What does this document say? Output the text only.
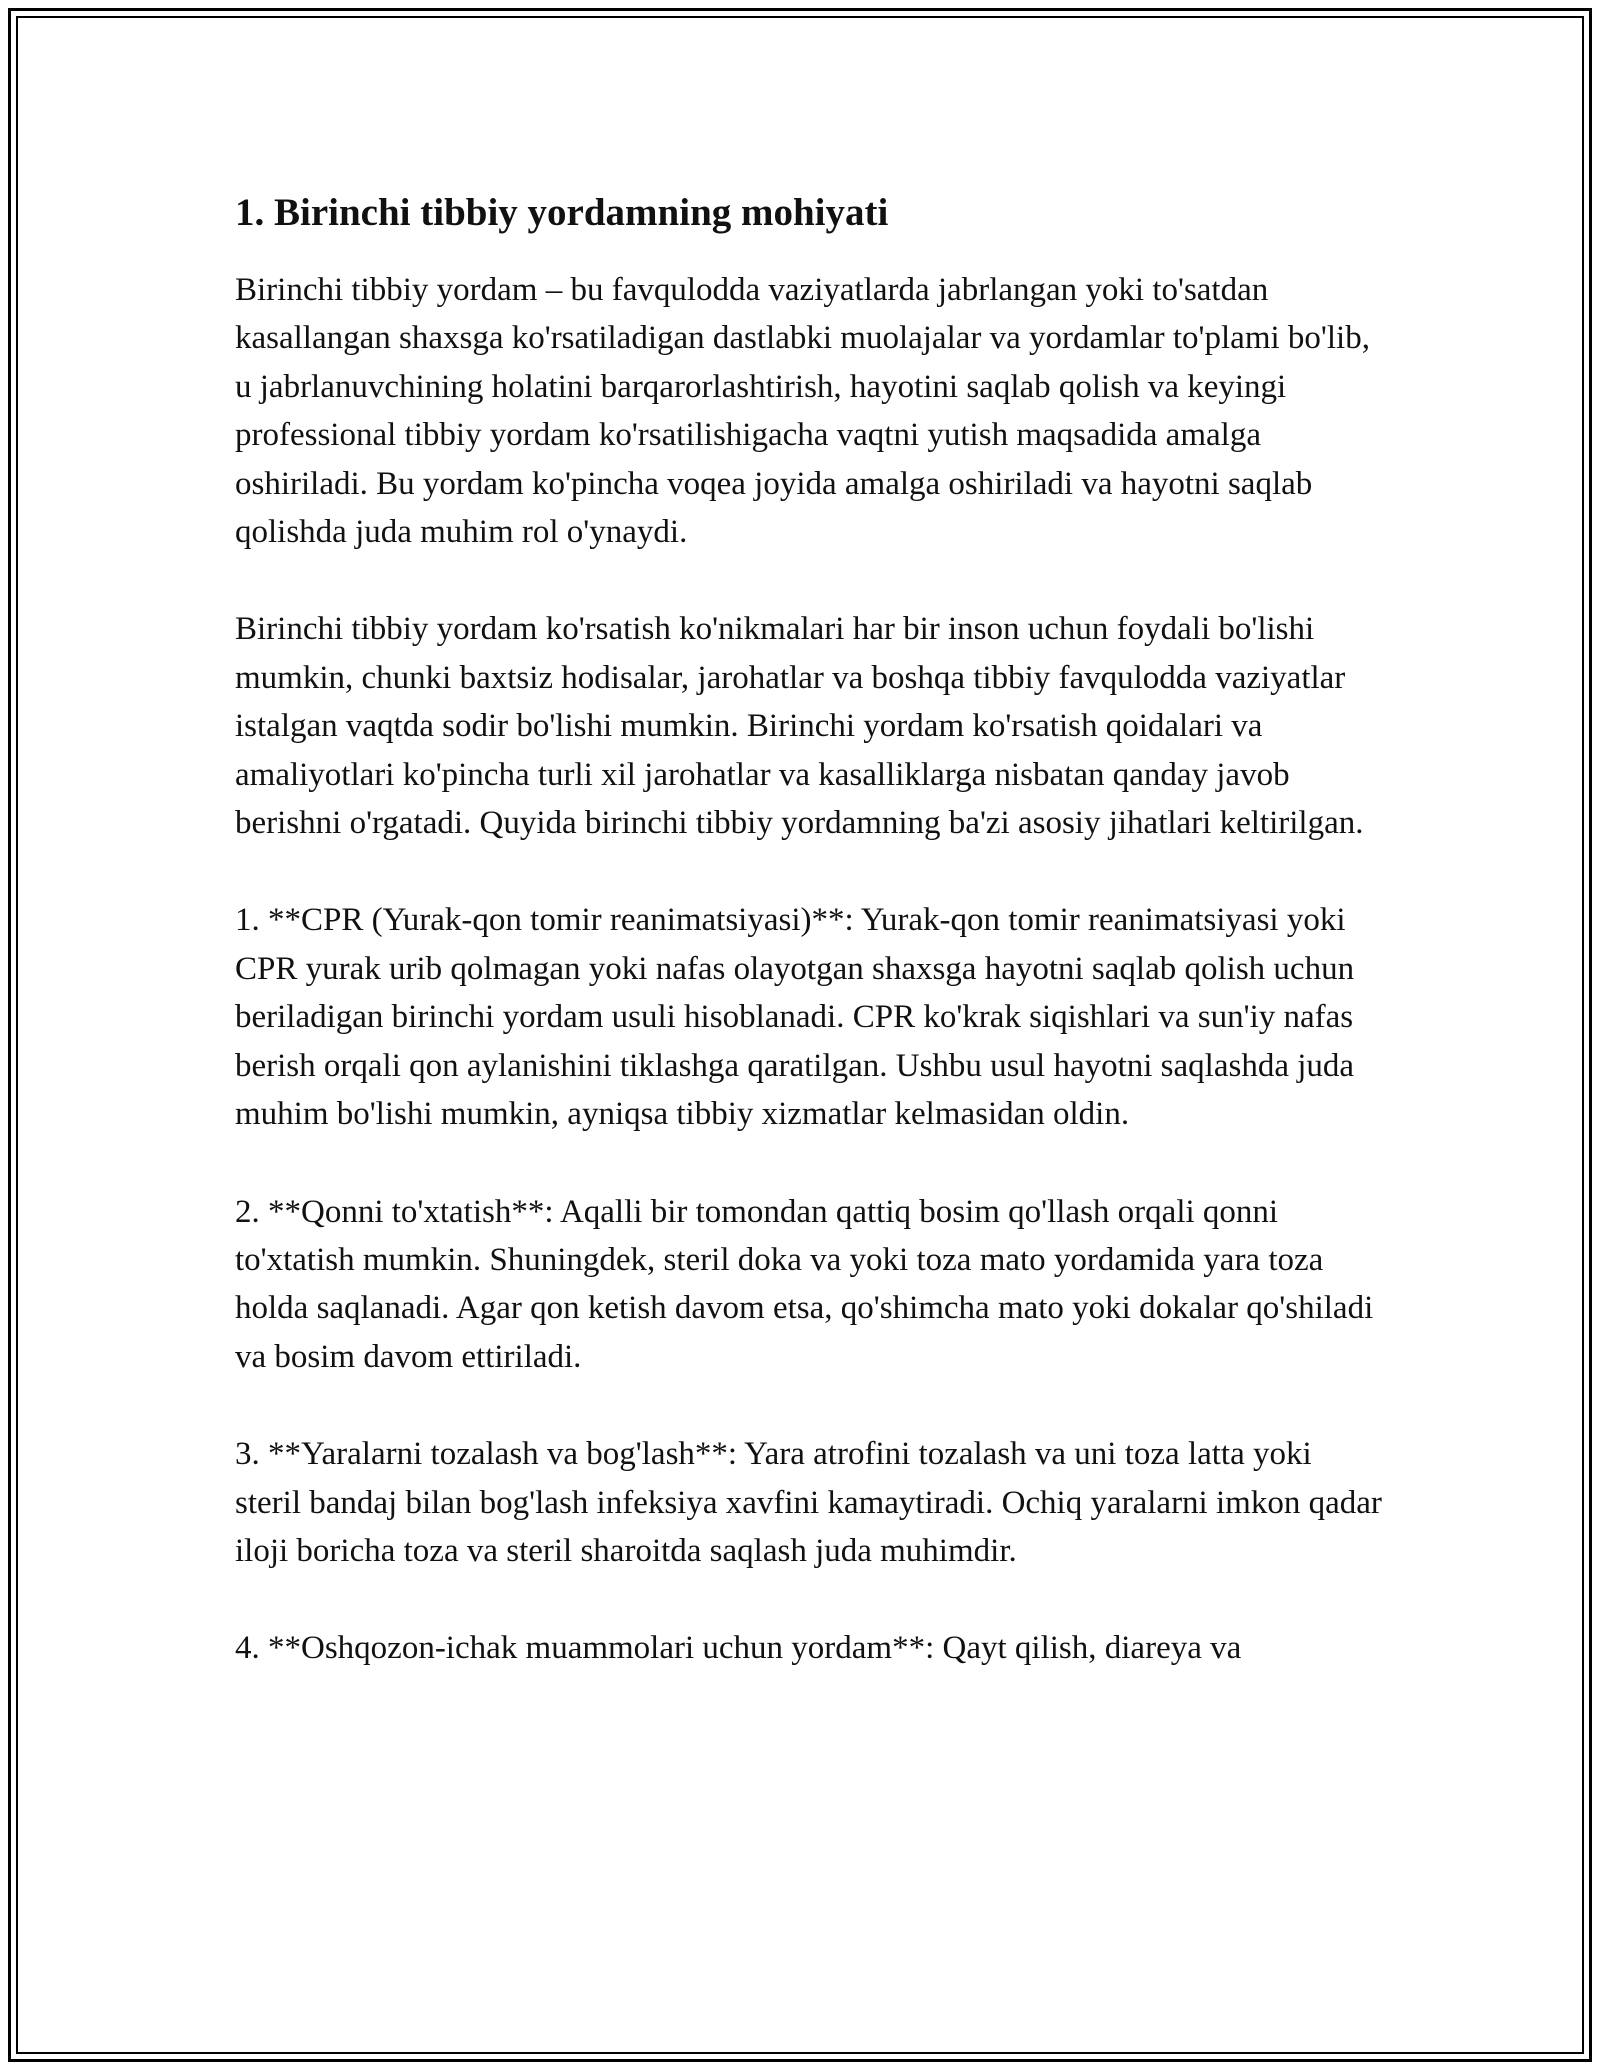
1. Birinchi tibbiy yordamning mohiyati

Birinchi tibbiy yordam – bu favqulodda vaziyatlarda jabrlangan yoki to'satdan kasallangan shaxsga ko'rsatiladigan dastlabki muolajalar va yordamlar to'plami bo'lib, u jabrlanuvchining holatini barqarorlashtirish, hayotini saqlab qolish va keyingi professional tibbiy yordam ko'rsatilishigacha vaqtni yutish maqsadida amalga oshiriladi. Bu yordam ko'pincha voqea joyida amalga oshiriladi va hayotni saqlab qolishda juda muhim rol o'ynaydi.

Birinchi tibbiy yordam ko'rsatish ko'nikmalari har bir inson uchun foydali bo'lishi mumkin, chunki baxtsiz hodisalar, jarohatlar va boshqa tibbiy favqulodda vaziyatlar istalgan vaqtda sodir bo'lishi mumkin. Birinchi yordam ko'rsatish qoidalari va amaliyotlari ko'pincha turli xil jarohatlar va kasalliklarga nisbatan qanday javob berishni o'rgatadi. Quyida birinchi tibbiy yordamning ba'zi asosiy jihatlari keltirilgan.

1. **CPR (Yurak-qon tomir reanimatsiyasi)**: Yurak-qon tomir reanimatsiyasi yoki CPR yurak urib qolmagan yoki nafas olayotgan shaxsga hayotni saqlab qolish uchun beriladigan birinchi yordam usuli hisoblanadi. CPR ko'krak siqishlari va sun'iy nafas berish orqali qon aylanishini tiklashga qaratilgan. Ushbu usul hayotni saqlashda juda muhim bo'lishi mumkin, ayniqsa tibbiy xizmatlar kelmasidan oldin.

2. **Qonni to'xtatish**: Aqalli bir tomondan qattiq bosim qo'llash orqali qonni to'xtatish mumkin. Shuningdek, steril doka va yoki toza mato yordamida yara toza holda saqlanadi. Agar qon ketish davom etsa, qo'shimcha mato yoki dokalar qo'shiladi va bosim davom ettiriladi.

3. **Yaralarni tozalash va bog'lash**: Yara atrofini tozalash va uni toza latta yoki steril bandaj bilan bog'lash infeksiya xavfini kamaytiradi. Ochiq yaralarni imkon qadar iloji boricha toza va steril sharoitda saqlash juda muhimdir.

4. **Oshqozon-ichak muammolari uchun yordam**: Qayt qilish, diareya va
